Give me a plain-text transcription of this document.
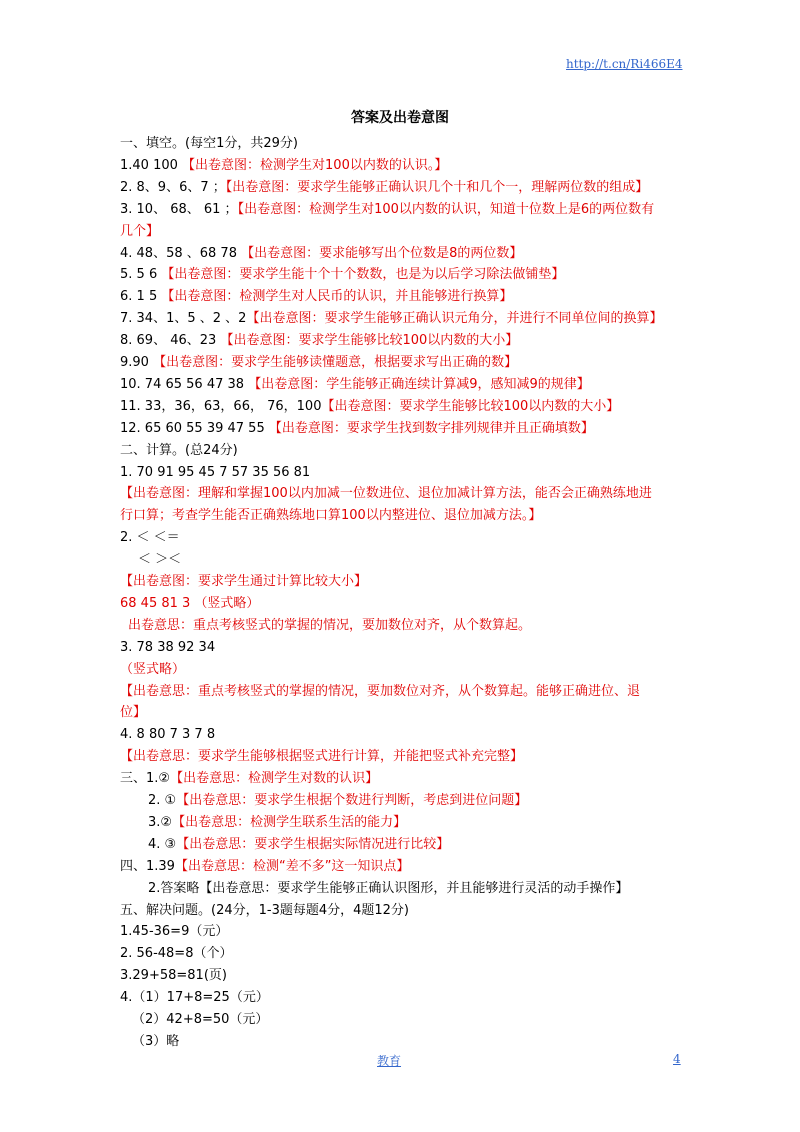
http://t.cn/Ri466E4
答案及出卷意图
一、填空。(每空1分，共29分)
1.40 100 【出卷意图：检测学生对100以内数的认识。】
2. 8、9、6、7 ；【出卷意图：要求学生能够正确认识几个十和几个一，理解两位数的组成】
3. 10、 68、 61 ；【出卷意图：检测学生对100以内数的认识，知道十位数上是6的两位数有
几个】
4. 48、58 、68 78 【出卷意图：要求能够写出个位数是8的两位数】
5. 5 6 【出卷意图：要求学生能十个十个数数，也是为以后学习除法做铺垫】
6. 1 5 【出卷意图：检测学生对人民币的认识，并且能够进行换算】
7. 34、1、5 、2 、2【出卷意图：要求学生能够正确认识元角分，并进行不同单位间的换算】
8. 69、 46、23 【出卷意图：要求学生能够比较100以内数的大小】
9.90 【出卷意图：要求学生能够读懂题意，根据要求写出正确的数】
10. 74 65 56 47 38 【出卷意图：学生能够正确连续计算减9，感知减9的规律】
11. 33，36，63，66， 76，100【出卷意图：要求学生能够比较100以内数的大小】
12. 65 60 55 39 47 55 【出卷意图：要求学生找到数字排列规律并且正确填数】
二、计算。(总24分)
1. 70 91 95 45 7 57 35 56 81
【出卷意图：理解和掌握100以内加减一位数进位、退位加减计算方法，能否会正确熟练地进
行口算；考查学生能否正确熟练地口算100以内整进位、退位加减方法。】
2. ＜ ＜＝
＜ ＞＜
【出卷意图：要求学生通过计算比较大小】
68 45 81 3 （竖式略）
出卷意思：重点考核竖式的掌握的情况，要加数位对齐，从个数算起。
3. 78 38 92 34
（竖式略）
【出卷意思：重点考核竖式的掌握的情况，要加数位对齐，从个数算起。能够正确进位、退
位】
4. 8 80 7 3 7 8
【出卷意思：要求学生能够根据竖式进行计算，并能把竖式补充完整】
三、1.②【出卷意思：检测学生对数的认识】
2. ①【出卷意思：要求学生根据个数进行判断，考虑到进位问题】
3.②【出卷意思：检测学生联系生活的能力】
4. ③【出卷意思：要求学生根据实际情况进行比较】
四、1.39【出卷意思：检测“差不多”这一知识点】
2.答案略【出卷意思：要求学生能够正确认识图形，并且能够进行灵活的动手操作】
五、解决问题。(24分，1-3题每题4分，4题12分)
1.45-36=9（元）
2. 56-48=8（个）
3.29+58=81(页)
4.（1）17+8=25（元）
（2）42+8=50（元）
（3）略
教育	4
